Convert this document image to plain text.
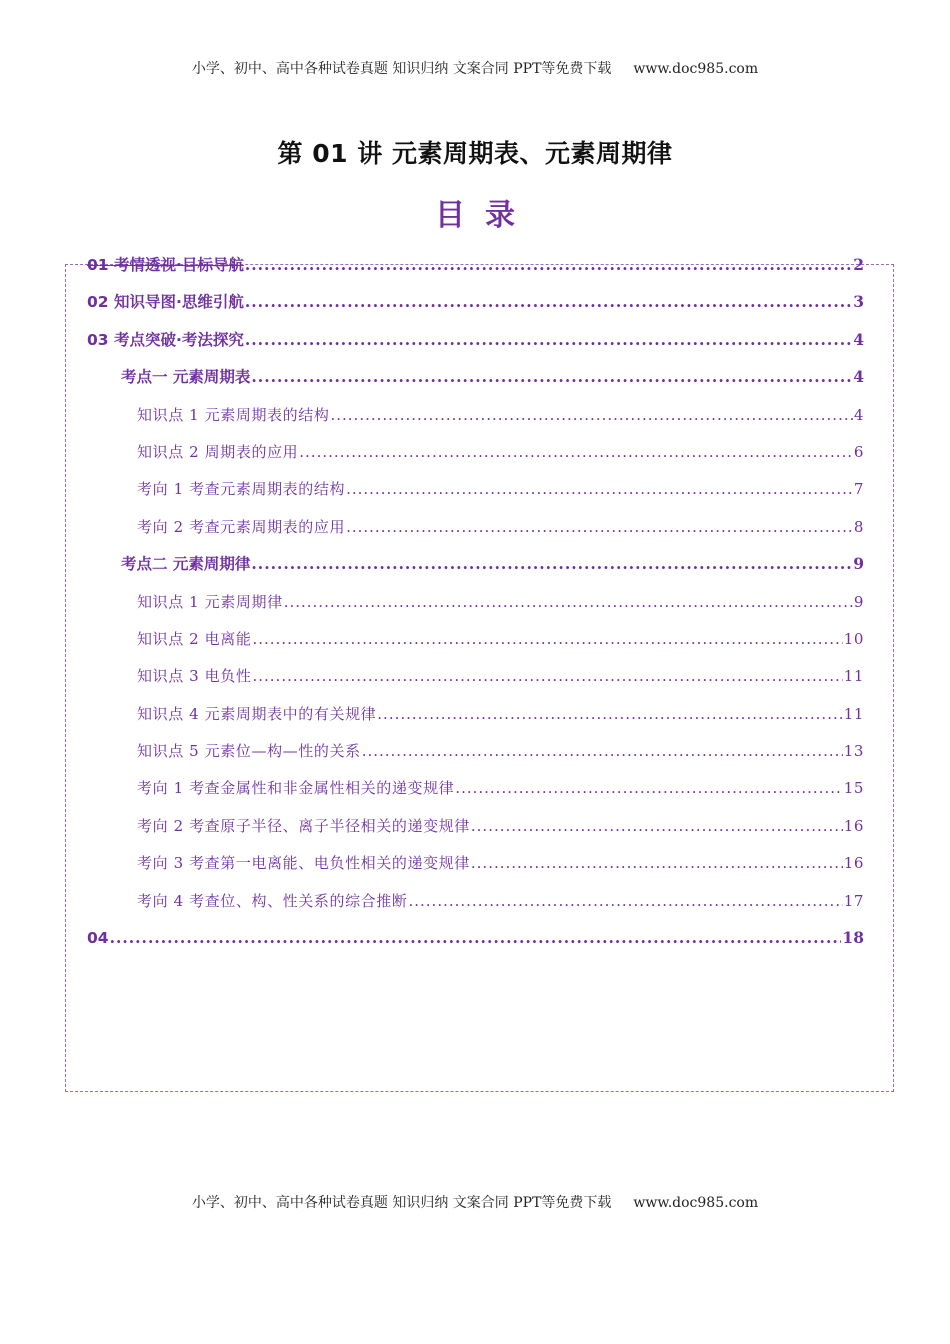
小学、初中、高中各种试卷真题 知识归纳 文案合同 PPT等免费下载 www.doc985.com
第 01 讲 元素周期表、元素周期律
目录
01 考情透视·目标导航 .....	2
02 知识导图·思维引航 .....	3
03 考点突破·考法探究 .....	4
考点一 元素周期表 .....	4
知识点 1 元素周期表的结构 .....	4
知识点 2 周期表的应用 .....	6
考向 1 考查元素周期表的结构 .....	7
考向 2 考查元素周期表的应用 .....	8
考点二 元素周期律 .....	9
知识点 1 元素周期律 .....	9
知识点 2 电离能 .....	10
知识点 3 电负性 .....	11
知识点 4 元素周期表中的有关规律 .....	11
知识点 5 元素位—构—性的关系 .....	13
考向 1 考查金属性和非金属性相关的递变规律 .....	15
考向 2 考查原子半径、离子半径相关的递变规律 .....	16
考向 3 考查第一电离能、电负性相关的递变规律 .....	16
考向 4 考查位、构、性关系的综合推断 .....	17
04 .....	18
小学、初中、高中各种试卷真题 知识归纳 文案合同 PPT等免费下载 www.doc985.com
